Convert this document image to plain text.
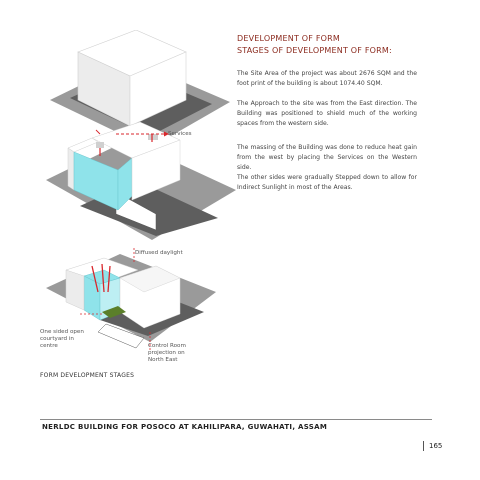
DEVELOPMENT OF FORM
STAGES OF DEVELOPMENT OF FORM:

The Site Area of the project was about 2676 SQM and the foot print of the building is about 1074.40 SQM.

The Approach to the site was from the East direction. The Building was positioned to shield much of the working spaces from the western side.

The massing of the Building was done to reduce heat gain from the west by placing the Services on the Western side.

The other sides were gradually Stepped down to allow for Indirect Sunlight in most of the Areas.

Services
Diffused daylight
One sided open
courtyard in
centre	Control Room
projection on
North East
FORM DEVELOPMENT STAGES
NERLDC BUILDING FOR POSOCO AT KAHILIPARA, GUWAHATI, ASSAM
165
